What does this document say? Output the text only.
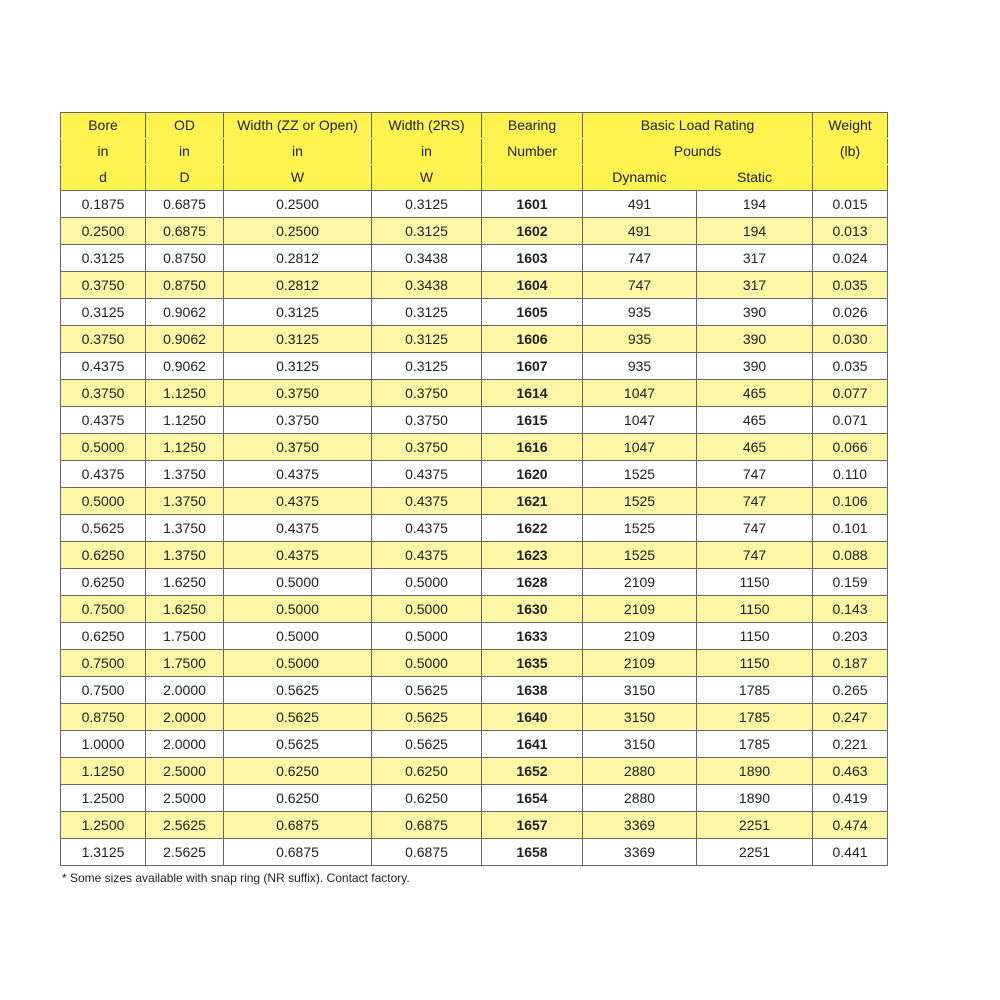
Bore	OD	Width (ZZ or Open)	Width (2RS)	Bearing	Basic Load Rating		Weight
in	in	in	in	Number	Pounds		(lb)
d	D	W	W		Dynamic	Static	
0.1875	0.6875	0.2500	0.3125	1601	491	194	0.015
0.2500	0.6875	0.2500	0.3125	1602	491	194	0.013
0.3125	0.8750	0.2812	0.3438	1603	747	317	0.024
0.3750	0.8750	0.2812	0.3438	1604	747	317	0.035
0.3125	0.9062	0.3125	0.3125	1605	935	390	0.026
0.3750	0.9062	0.3125	0.3125	1606	935	390	0.030
0.4375	0.9062	0.3125	0.3125	1607	935	390	0.035
0.3750	1.1250	0.3750	0.3750	1614	1047	465	0.077
0.4375	1.1250	0.3750	0.3750	1615	1047	465	0.071
0.5000	1.1250	0.3750	0.3750	1616	1047	465	0.066
0.4375	1.3750	0.4375	0.4375	1620	1525	747	0.110
0.5000	1.3750	0.4375	0.4375	1621	1525	747	0.106
0.5625	1.3750	0.4375	0.4375	1622	1525	747	0.101
0.6250	1.3750	0.4375	0.4375	1623	1525	747	0.088
0.6250	1.6250	0.5000	0.5000	1628	2109	1150	0.159
0.7500	1.6250	0.5000	0.5000	1630	2109	1150	0.143
0.6250	1.7500	0.5000	0.5000	1633	2109	1150	0.203
0.7500	1.7500	0.5000	0.5000	1635	2109	1150	0.187
0.7500	2.0000	0.5625	0.5625	1638	3150	1785	0.265
0.8750	2.0000	0.5625	0.5625	1640	3150	1785	0.247
1.0000	2.0000	0.5625	0.5625	1641	3150	1785	0.221
1.1250	2.5000	0.6250	0.6250	1652	2880	1890	0.463
1.2500	2.5000	0.6250	0.6250	1654	2880	1890	0.419
1.2500	2.5625	0.6875	0.6875	1657	3369	2251	0.474
1.3125	2.5625	0.6875	0.6875	1658	3369	2251	0.441
* Some sizes available with snap ring (NR suffix). Contact factory.
